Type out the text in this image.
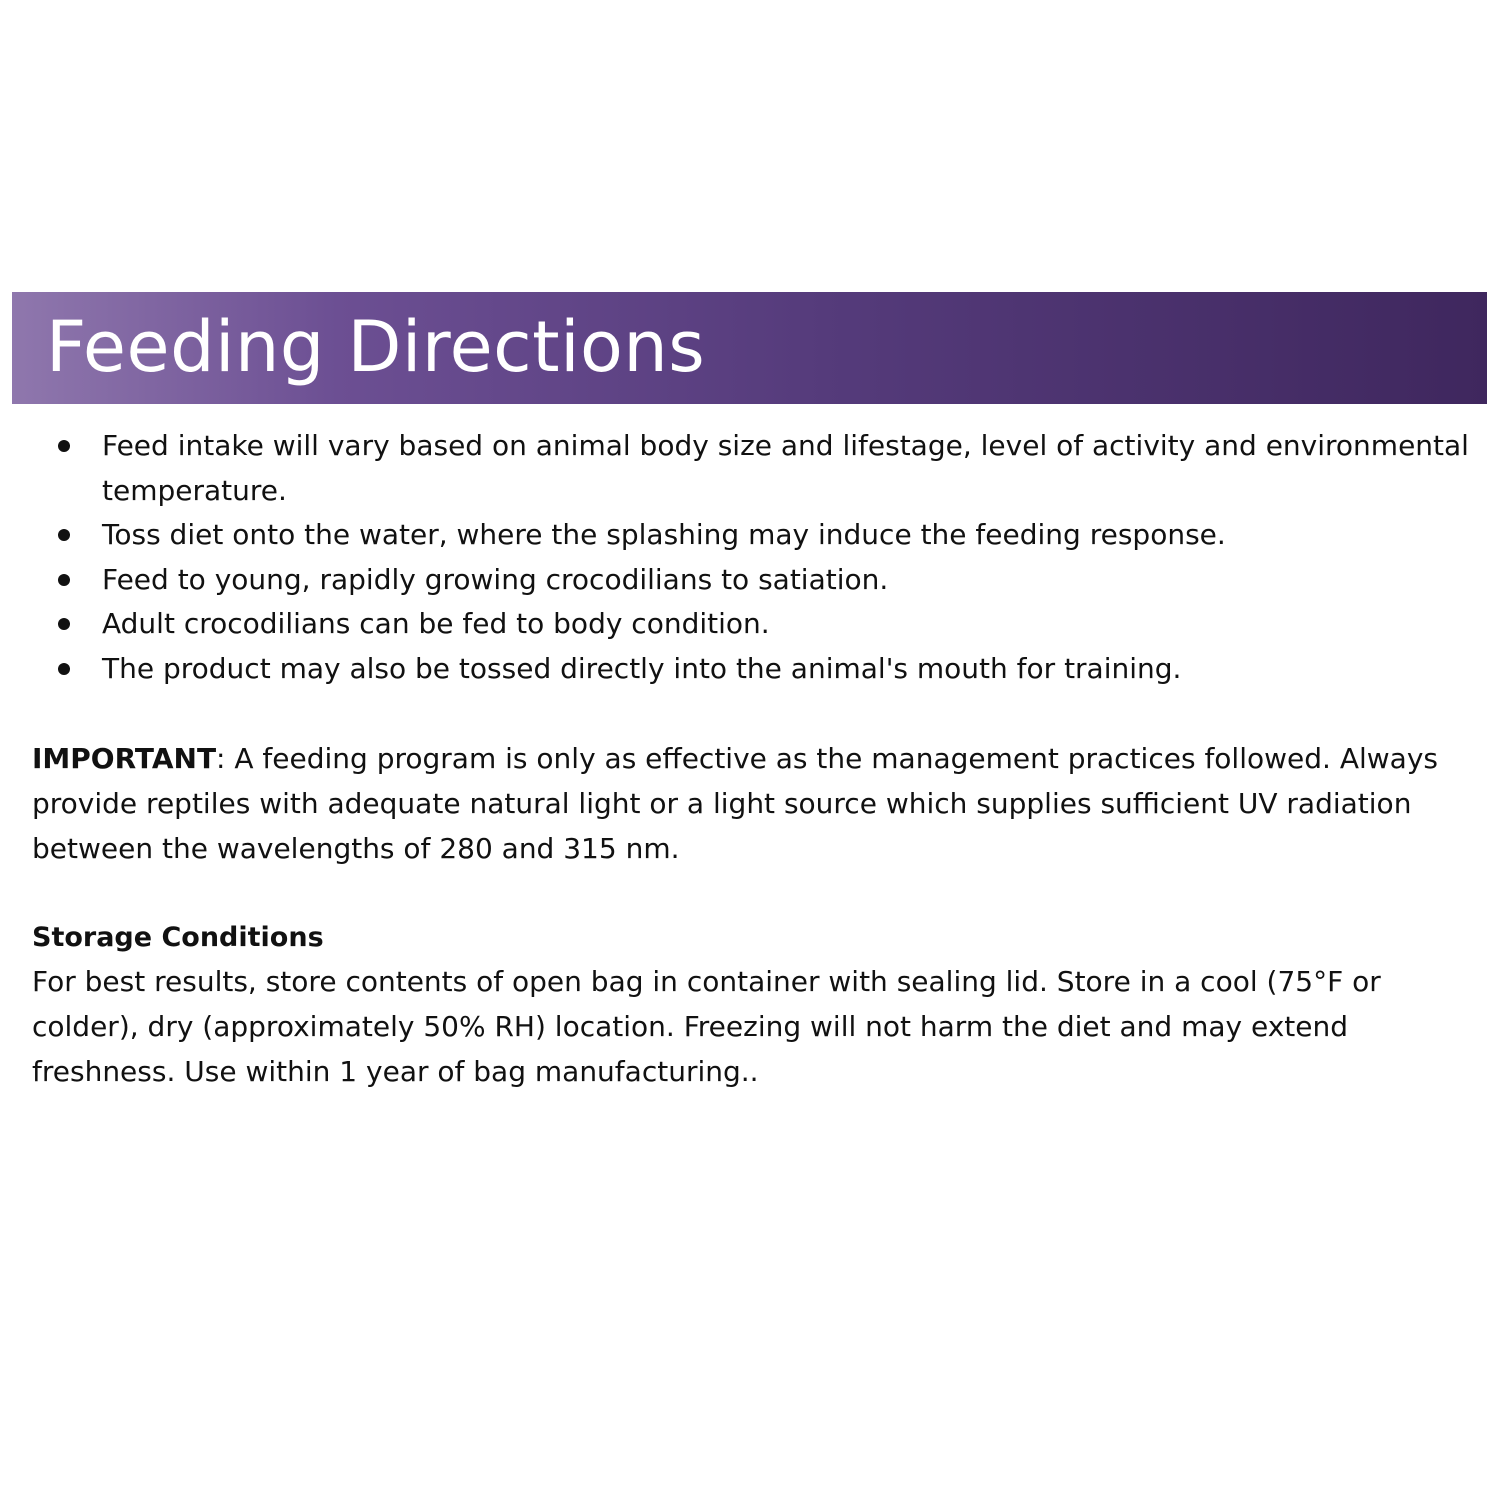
Feeding Directions
Feed intake will vary based on animal body size and lifestage, level of activity and environmental temperature.
Toss diet onto the water, where the splashing may induce the feeding response.
Feed to young, rapidly growing crocodilians to satiation.
Adult crocodilians can be fed to body condition.
The product may also be tossed directly into the animal's mouth for training.

IMPORTANT: A feeding program is only as effective as the management practices followed. Always provide reptiles with adequate natural light or a light source which supplies sufficient UV radiation between the wavelengths of 280 and 315 nm.

Storage Conditions

For best results, store contents of open bag in container with sealing lid. Store in a cool (75°F or colder), dry (approximately 50% RH) location. Freezing will not harm the diet and may extend freshness. Use within 1 year of bag manufacturing..
